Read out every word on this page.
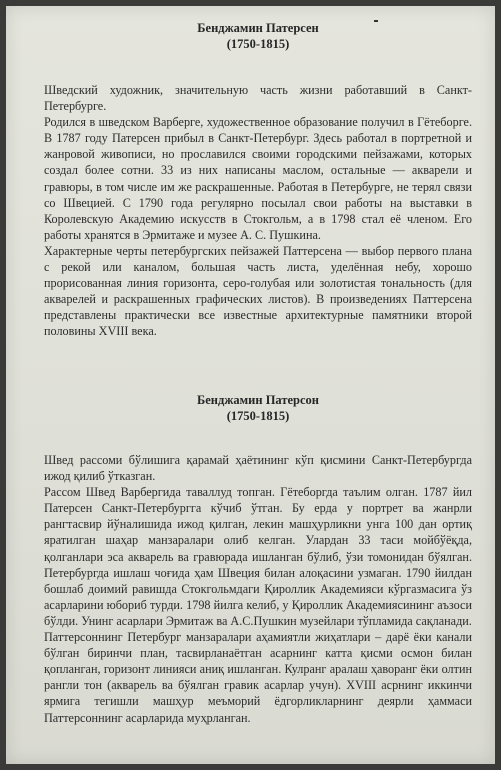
Бенджамин Патерсен
(1750-1815)

Шведский художник, значительную часть жизни работавший в Санкт-Петербурге.

Родился в шведском Варберге, художественное образование получил в Гётеборге. В 1787 году Патерсен прибыл в Санкт-Петербург. Здесь работал в портретной и жанровой живописи, но прославился своими городскими пейзажами, которых создал более сотни. 33 из них написаны маслом, остальные — акварели и гравюры, в том числе им же раскрашенные. Работая в Петербурге, не терял связи со Швецией. С 1790 года регулярно посылал свои работы на выставки в Королевскую Академию искусств в Стокгольм, а в 1798 стал её членом. Его работы хранятся в Эрмитаже и музее А. С. Пушкина.

Характерные черты петербургских пейзажей Паттерсена — выбор первого плана с рекой или каналом, большая часть листа, уделённая небу, хорошо прорисованная линия горизонта, серо-голубая или золотистая тональность (для акварелей и раскрашенных графических листов). В произведениях Паттерсена представлены практически все известные архитектурные памятники второй половины XVIII века.

Бенджамин Патерсон
(1750-1815)

Швед рассоми бўлишига қарамай ҳаётининг кўп қисмини Санкт-Петербургда ижод қилиб ўтказган.

Рассом Швед Варбергида таваллуд топган. Гётеборгда таълим олган. 1787 йил Патерсен Санкт-Петербургга кўчиб ўтган. Бу ерда у портрет ва жанрли рангтасвир йўналишида ижод қилган, лекин машҳурликни унга 100 дан ортиқ яратилган шаҳар манзаралари олиб келган. Улардан 33 таси мойбўёқда, қолганлари эса акварель ва гравюрада ишланган бўлиб, ўзи томонидан бўялган. Петербургда ишлаш чоғида ҳам Швеция билан алоқасини узмаган. 1790 йилдан бошлаб доимий равишда Стокгольмдаги Қироллик Академияси кўргазмасига ўз асарларини юбориб турди. 1798 йилга келиб, у Қироллик Академиясининг аъзоси бўлди. Унинг асарлари Эрмитаж ва А.С.Пушкин музейлари тўпламида сақланади.

Паттерсоннинг Петербург манзаралари аҳамиятли жиҳатлари – дарё ёки канали бўлган биринчи план, тасвирланаётган асарнинг катта қисми осмон билан қопланган, горизонт линияси аниқ ишланган. Кулранг аралаш ҳаворанг ёки олтин рангли тон (акварель ва бўялган гравик асарлар учун). XVIII асрнинг иккинчи ярмига тегишли машҳур меъморий ёдгорликларнинг деярли ҳаммаси Паттерсоннинг асарларида муҳрланган.
